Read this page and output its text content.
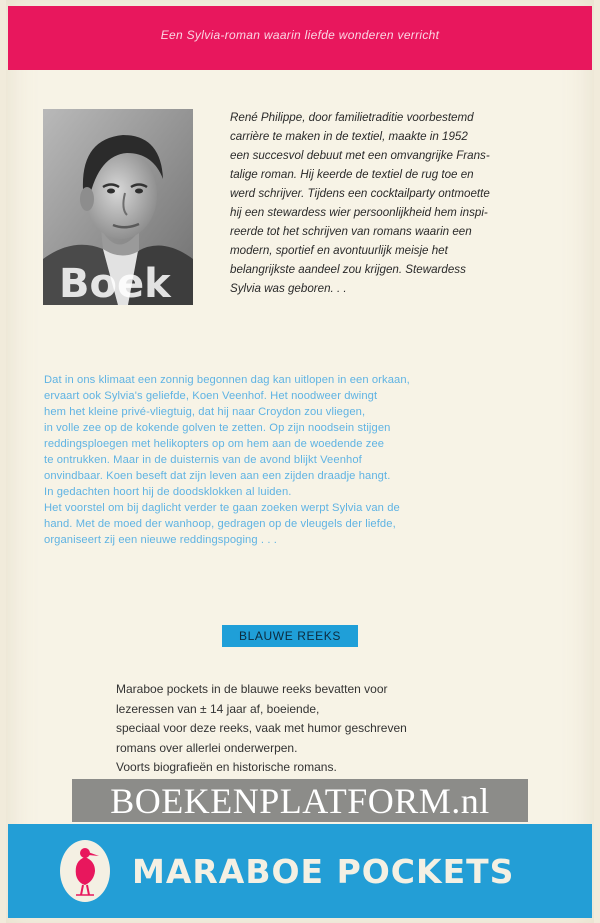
Een Sylvia-roman waarin liefde wonderen verricht
Boek
René Philippe, door familietraditie voorbestemd
carrière te maken in de textiel, maakte in 1952
een succesvol debuut met een omvangrijke Frans-
talige roman. Hij keerde de textiel de rug toe en
werd schrijver. Tijdens een cocktailparty ontmoette
hij een stewardess wier persoonlijkheid hem inspi-
reerde tot het schrijven van romans waarin een
modern, sportief en avontuurlijk meisje het
belangrijkste aandeel zou krijgen. Stewardess
Sylvia was geboren. . .
Dat in ons klimaat een zonnig begonnen dag kan uitlopen in een orkaan,
ervaart ook Sylvia's geliefde, Koen Veenhof. Het noodweer dwingt
hem het kleine privé-vliegtuig, dat hij naar Croydon zou vliegen,
in volle zee op de kokende golven te zetten. Op zijn noodsein stijgen
reddingsploegen met helikopters op om hem aan de woedende zee
te ontrukken. Maar in de duisternis van de avond blijkt Veenhof
onvindbaar. Koen beseft dat zijn leven aan een zijden draadje hangt.
In gedachten hoort hij de doodsklokken al luiden.
Het voorstel om bij daglicht verder te gaan zoeken werpt Sylvia van de
hand. Met de moed der wanhoop, gedragen op de vleugels der liefde,
organiseert zij een nieuwe reddingspoging . . .
BLAUWE REEKS
Maraboe pockets in de blauwe reeks bevatten voor
lezeressen van ± 14 jaar af, boeiende,
speciaal voor deze reeks, vaak met humor geschreven
romans over allerlei onderwerpen.
Voorts biografieën en historische romans.
BOEKENPLATFORM.nl
MARABOE POCKETS
